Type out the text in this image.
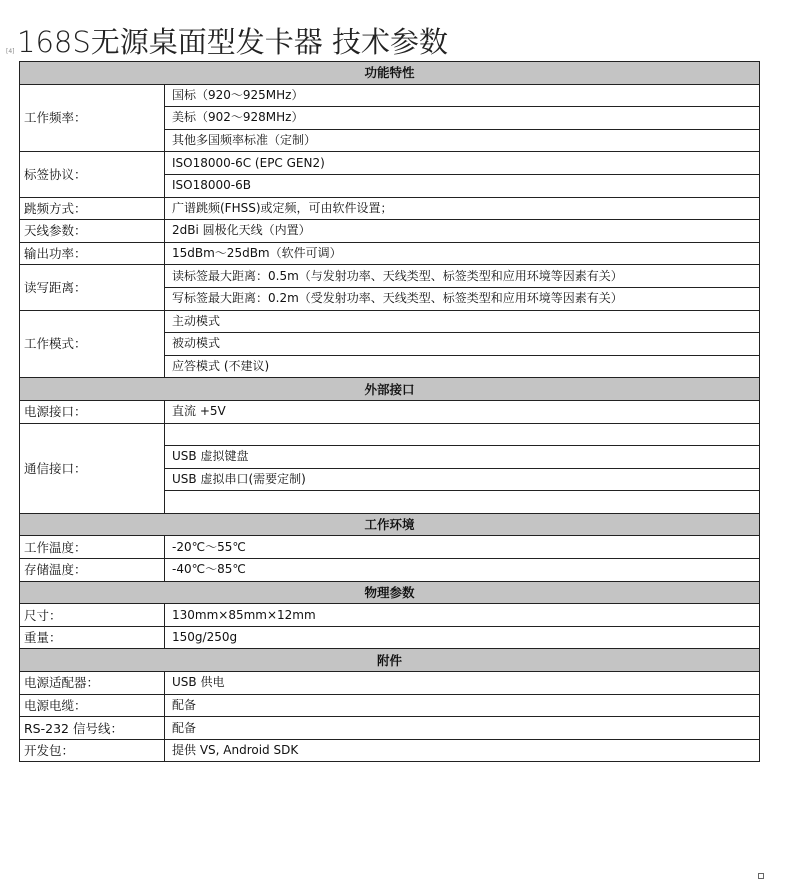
168S无源桌面型发卡器 技术参数
[4]
功能特性	
工作频率：	国标（920～925MHz）
	美标（902～928MHz）
	其他多国频率标准（定制）
标签协议：	ISO18000-6C (EPC GEN2)
	ISO18000-6B
跳频方式：	广谱跳频(FHSS)或定频，可由软件设置；
天线参数：	2dBi 圆极化天线（内置）
输出功率：	15dBm～25dBm（软件可调）
读写距离：	读标签最大距离：0.5m（与发射功率、天线类型、标签类型和应用环境等因素有关）
	写标签最大距离：0.2m（受发射功率、天线类型、标签类型和应用环境等因素有关）
工作模式：	主动模式
	被动模式
	应答模式 (不建议)
外部接口	
电源接口：	直流 +5V
通信接口：	
	USB 虚拟键盘
	USB 虚拟串口(需要定制)

工作环境	
工作温度：	-20℃～55℃
存储温度：	-40℃～85℃
物理参数	
尺寸：	130mm×85mm×12mm
重量：	150g/250g
附件	
电源适配器：	USB 供电
电源电缆：	配备
RS-232 信号线：	配备
开发包：	提供 VS, Android SDK
